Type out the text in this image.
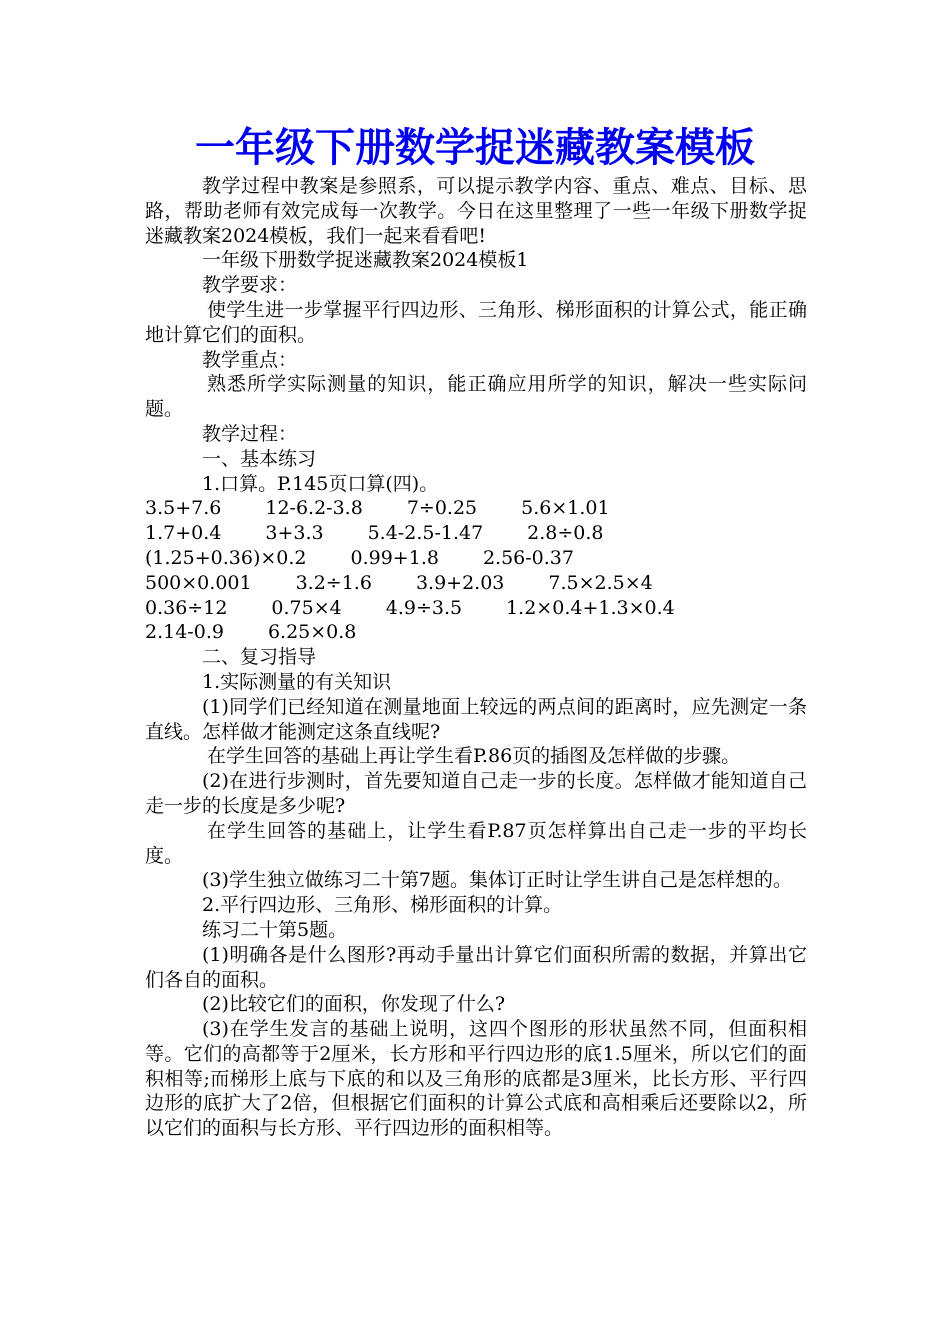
一年级下册数学捉迷藏教案模板

教学过程中教案是参照系，可以提示教学内容、重点、难点、目标、思路，帮助老师有效完成每一次教学。今日在这里整理了一些一年级下册数学捉迷藏教案2024模板，我们一起来看看吧!

一年级下册数学捉迷藏教案2024模板1

教学要求：

使学生进一步掌握平行四边形、三角形、梯形面积的计算公式，能正确地计算它们的面积。

教学重点：

熟悉所学实际测量的知识，能正确应用所学的知识，解决一些实际问题。

教学过程：

一、基本练习

1.口算。P.145页口算(四)。

3.5+7.6 12-6.2-3.8 7÷0.25 5.6×1.01

1.7+0.4 3+3.3 5.4-2.5-1.47 2.8÷0.8

(1.25+0.36)×0.2 0.99+1.8 2.56-0.37

500×0.001 3.2÷1.6 3.9+2.03 7.5×2.5×4

0.36÷12 0.75×4 4.9÷3.5 1.2×0.4+1.3×0.4

2.14-0.9 6.25×0.8

二、复习指导

1.实际测量的有关知识

(1)同学们已经知道在测量地面上较远的两点间的距离时，应先测定一条直线。怎样做才能测定这条直线呢?

在学生回答的基础上再让学生看P.86页的插图及怎样做的步骤。

(2)在进行步测时，首先要知道自己走一步的长度。怎样做才能知道自己走一步的长度是多少呢?

在学生回答的基础上，让学生看P.87页怎样算出自己走一步的平均长度。

(3)学生独立做练习二十第7题。集体订正时让学生讲自己是怎样想的。

2.平行四边形、三角形、梯形面积的计算。

练习二十第5题。

(1)明确各是什么图形?再动手量出计算它们面积所需的数据，并算出它们各自的面积。

(2)比较它们的面积，你发现了什么?

(3)在学生发言的基础上说明，这四个图形的形状虽然不同，但面积相等。它们的高都等于2厘米，长方形和平行四边形的底1.5厘米，所以它们的面积相等;而梯形上底与下底的和以及三角形的底都是3厘米，比长方形、平行四边形的底扩大了2倍，但根据它们面积的计算公式底和高相乘后还要除以2，所以它们的面积与长方形、平行四边形的面积相等。
